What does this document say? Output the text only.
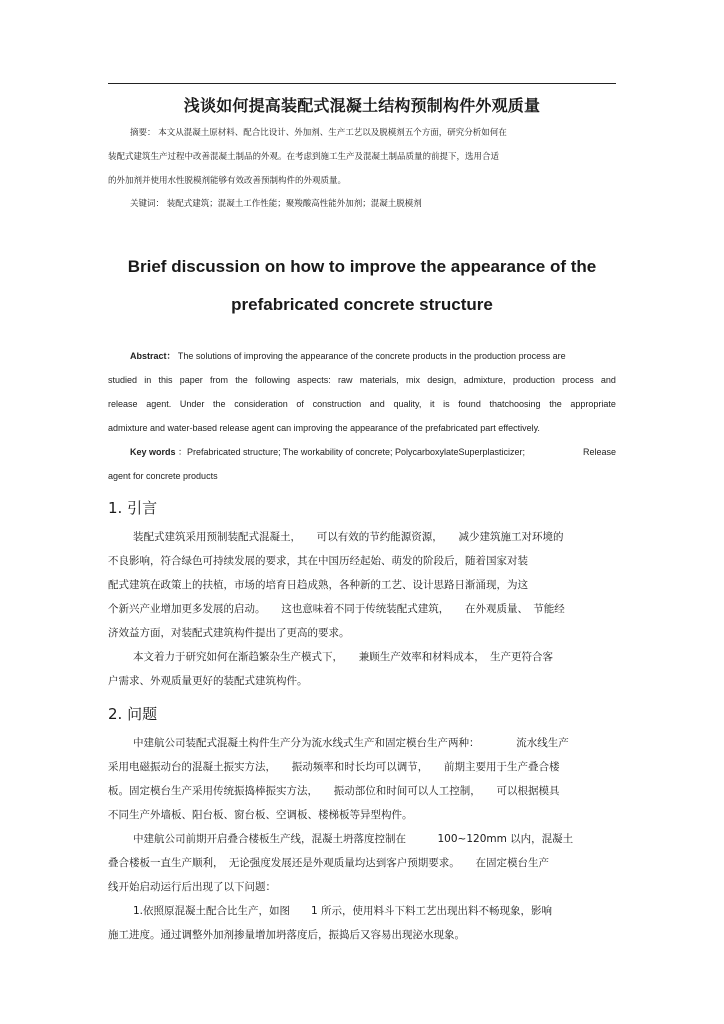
浅谈如何提高装配式混凝土结构预制构件外观质量
摘要： 本文从混凝土原材料、配合比设计、外加剂、生产工艺以及脱模剂五个方面，研究分析如何在
装配式建筑生产过程中改善混凝土制品的外观。在考虑到施工生产及混凝土制品质量的前提下，选用合适
的外加剂并使用水性脱模剂能够有效改善预制构件的外观质量。
关键词： 装配式建筑；混凝土工作性能；聚羧酸高性能外加剂；混凝土脱模剂
Brief discussion on how to improve the appearance of the
prefabricated concrete structure
Abstract： The solutions of improving the appearance of the concrete products in the production process are
studied in this paper from the following aspects: raw materials, mix design, admixture, production process and
release agent. Under the consideration of construction and quality, it is found thatchoosing the appropriate
admixture and water-based release agent can improving the appearance of the prefabricated part effectively.
Key words ：Prefabricated structure; The workability of concrete; PolycarboxylateSuperplasticizer;	Release
agent for concrete products
1. 引言
装配式建筑采用预制装配式混凝土，　　可以有效的节约能源资源，　　减少建筑施工对环境的
不良影响，符合绿色可持续发展的要求，其在中国历经起始、萌发的阶段后，随着国家对装
配式建筑在政策上的扶植，市场的培育日趋成熟，各种新的工艺、设计思路日渐涌现，为这
个新兴产业增加更多发展的启动。　　这也意味着不同于传统装配式建筑，　　在外观质量、　节能经
济效益方面，对装配式建筑构件提出了更高的要求。
本文着力于研究如何在渐趋繁杂生产模式下，　　兼顾生产效率和材料成本，　生产更符合客
户需求、外观质量更好的装配式建筑构件。
2. 问题
中建航公司装配式混凝土构件生产分为流水线式生产和固定模台生产两种：　　　　流水线生产
采用电磁振动台的混凝土振实方法，　　振动频率和时长均可以调节，　　前期主要用于生产叠合楼
板。固定模台生产采用传统振捣棒振实方法，　　振动部位和时间可以人工控制，　　可以根据模具
不同生产外墙板、阳台板、窗台板、空调板、楼梯板等异型构件。
中建航公司前期开启叠合楼板生产线，混凝土坍落度控制在　　　100~120mm 以内，混凝土
叠合楼板一直生产顺利，　无论强度发展还是外观质量均达到客户预期要求。　　在固定模台生产
线开始启动运行后出现了以下问题：
1.依照原混凝土配合比生产，如图　　1 所示，使用料斗下料工艺出现出料不畅现象，影响
施工进度。通过调整外加剂掺量增加坍落度后，振捣后又容易出现泌水现象。
